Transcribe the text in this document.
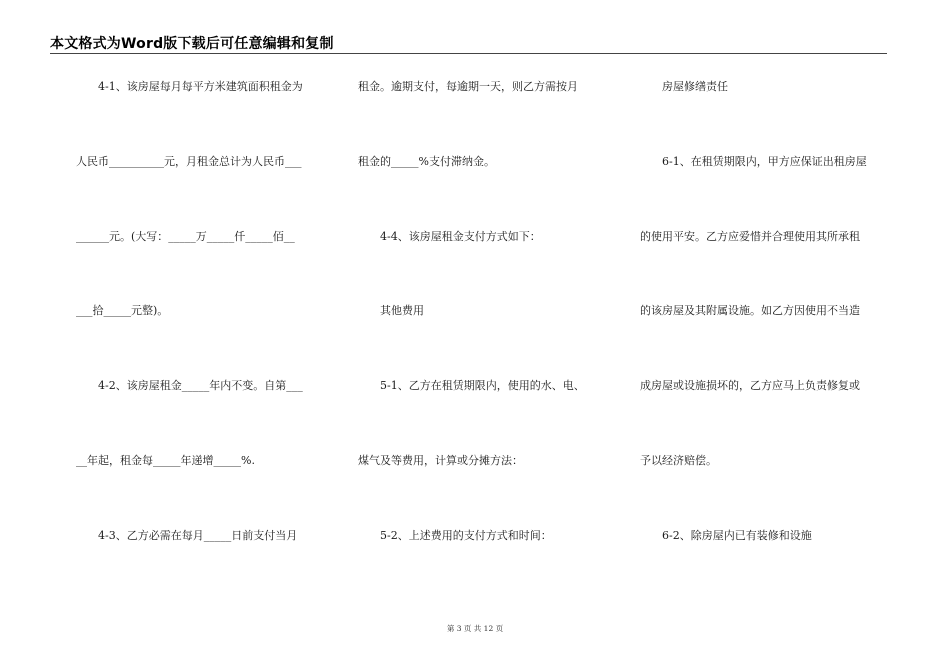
本文格式为Word版下载后可任意编辑和复制
　　4-1、该房屋每月每平方米建筑面积租金为
人民币__________元，月租金总计为人民币___
______元。(大写：_____万_____仟_____佰__
___拾_____元整)。
　　4-2、该房屋租金_____年内不变。自第___
__年起，租金每_____年递增_____%.
　　4-3、乙方必需在每月_____日前支付当月
租金。逾期支付，每逾期一天，则乙方需按月
租金的_____%支付滞纳金。
　　4-4、该房屋租金支付方式如下：
　　其他费用
　　5-1、乙方在租赁期限内，使用的水、电、
煤气及等费用，计算或分摊方法：
　　5-2、上述费用的支付方式和时间：
　　房屋修缮责任
　　6-1、在租赁期限内，甲方应保证出租房屋
的使用平安。乙方应爱惜并合理使用其所承租
的该房屋及其附属设施。如乙方因使用不当造
成房屋或设施损坏的，乙方应马上负责修复或
予以经济赔偿。
　　6-2、除房屋内已有装修和设施
第 3 页 共 12 页
